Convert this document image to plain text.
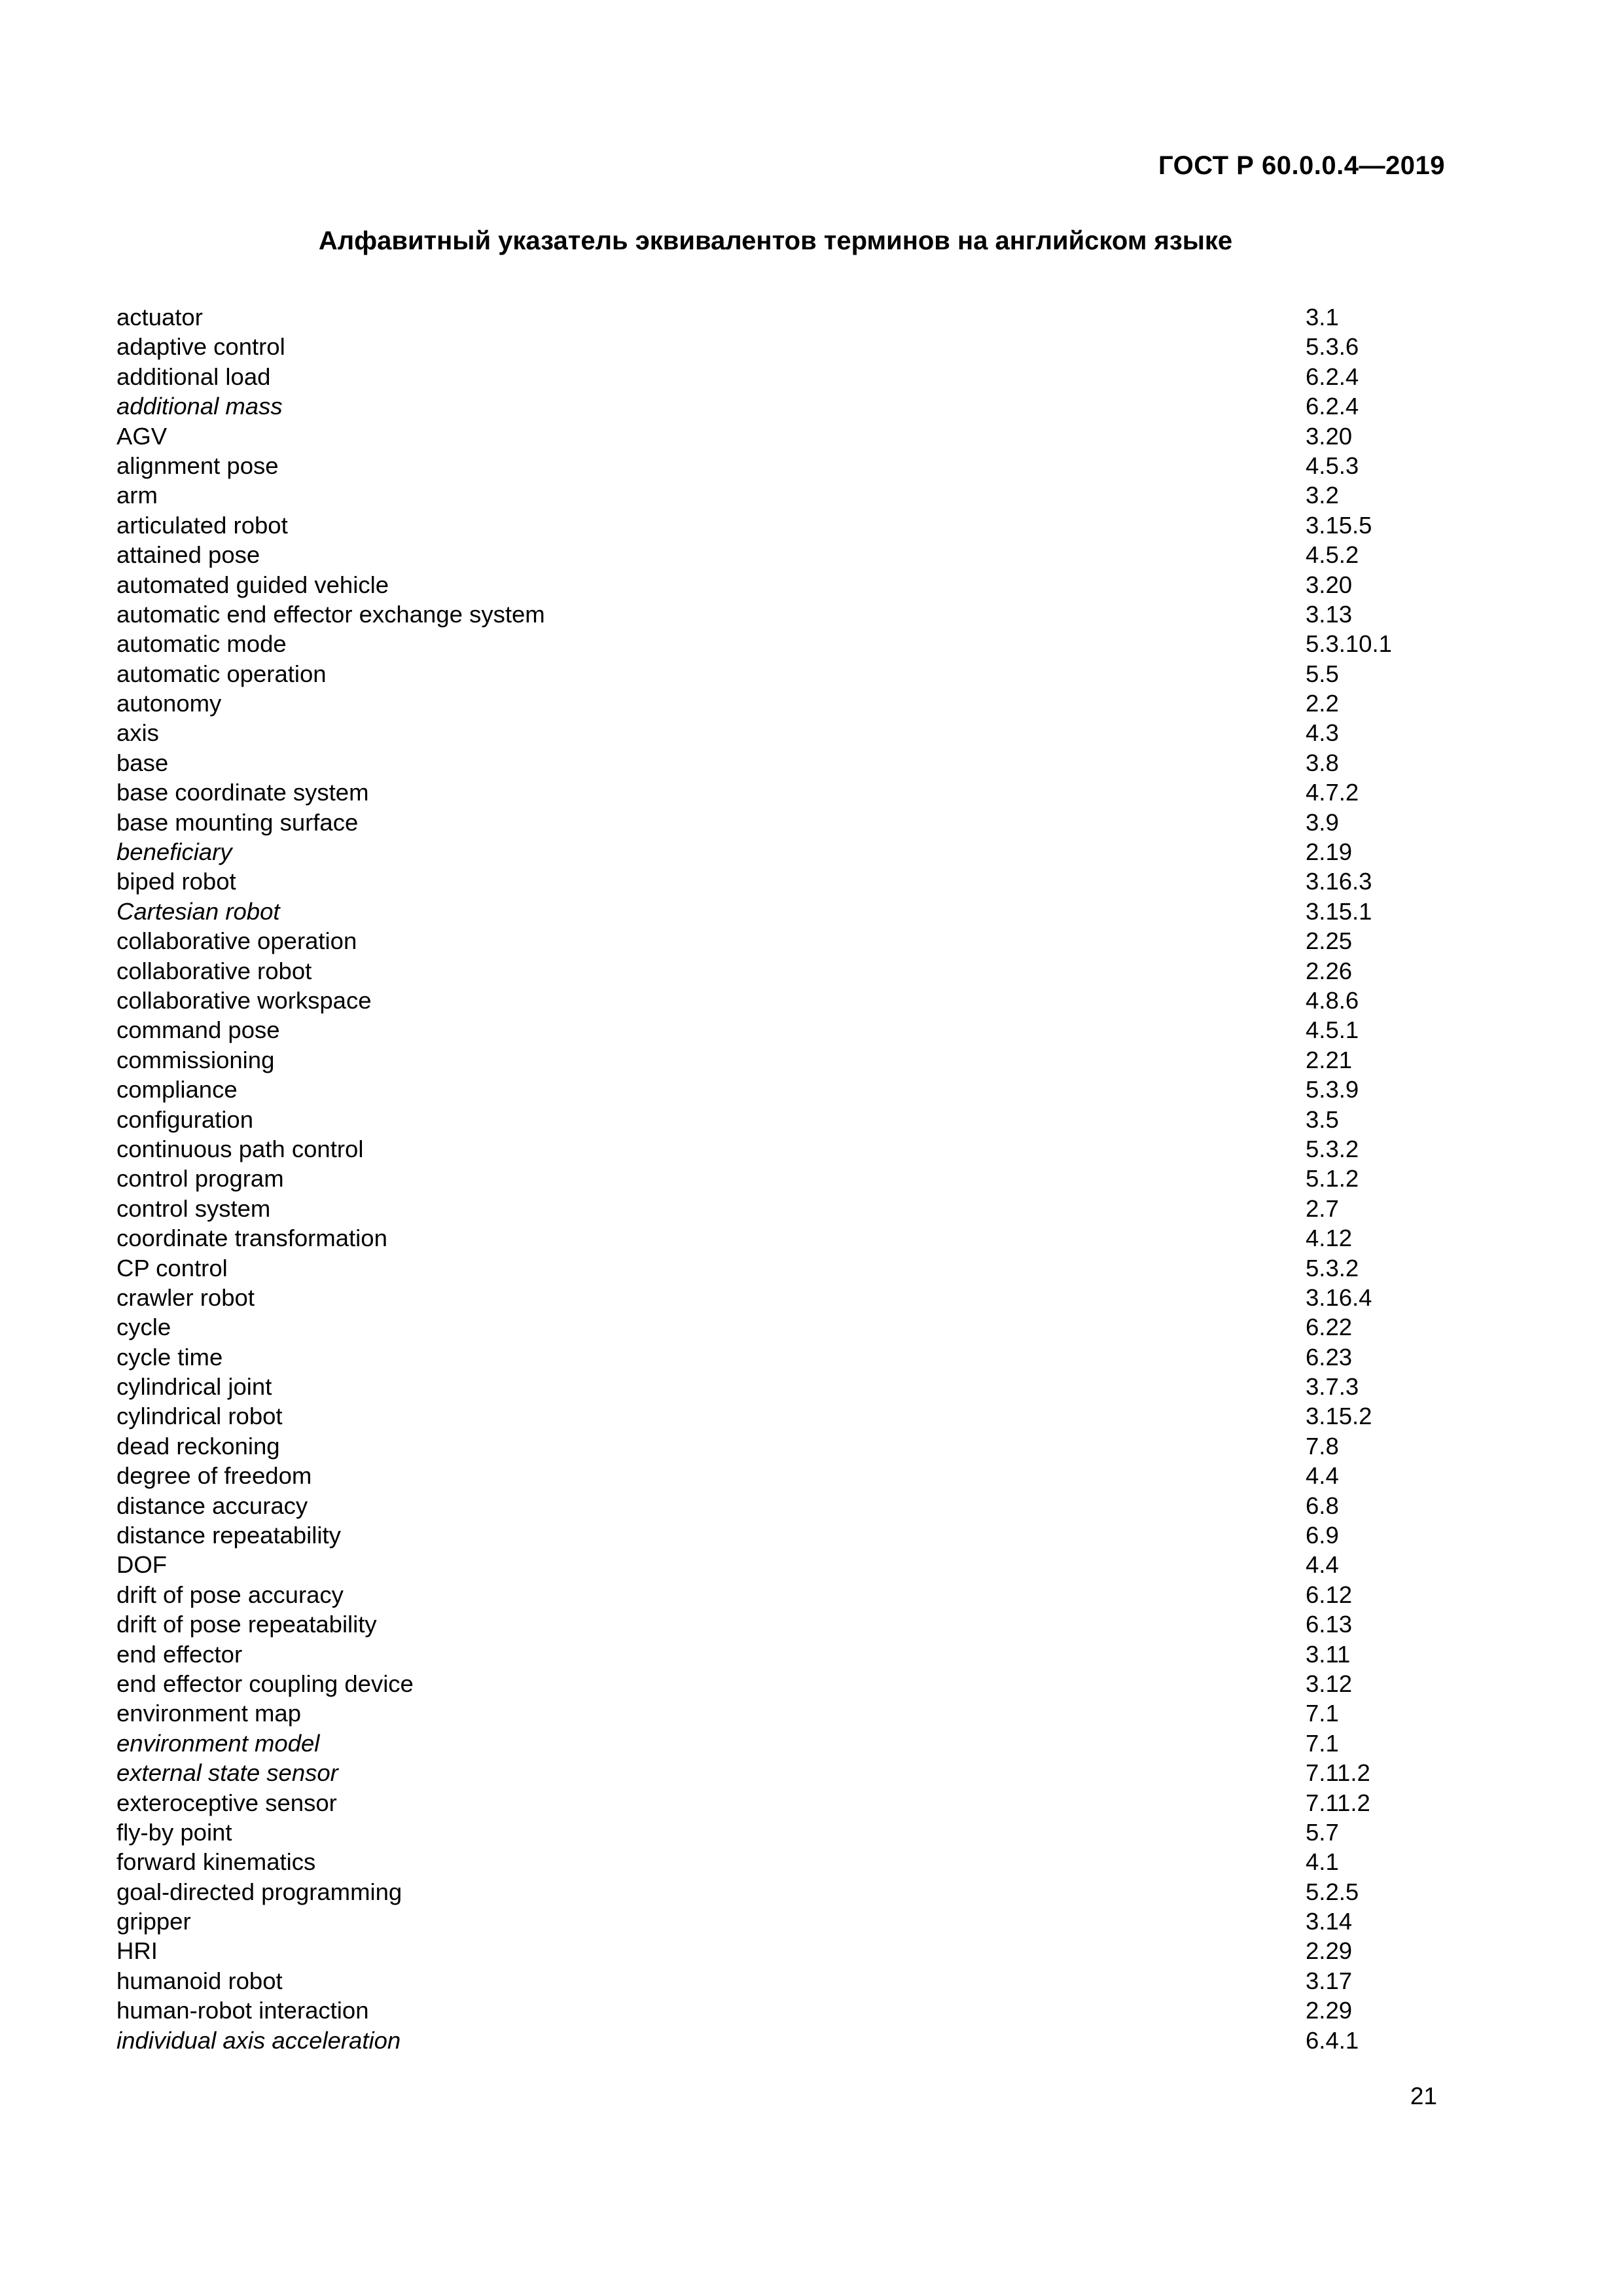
ГОСТ Р 60.0.0.4—2019
Алфавитный указатель эквивалентов терминов на английском языке
actuator	3.1
adaptive control	5.3.6
additional load	6.2.4
additional mass	6.2.4
AGV	3.20
alignment pose	4.5.3
arm	3.2
articulated robot	3.15.5
attained pose	4.5.2
automated guided vehicle	3.20
automatic end effector exchange system	3.13
automatic mode	5.3.10.1
automatic operation	5.5
autonomy	2.2
axis	4.3
base	3.8
base coordinate system	4.7.2
base mounting surface	3.9
beneficiary	2.19
biped robot	3.16.3
Cartesian robot	3.15.1
collaborative operation	2.25
collaborative robot	2.26
collaborative workspace	4.8.6
command pose	4.5.1
commissioning	2.21
compliance	5.3.9
configuration	3.5
continuous path control	5.3.2
control program	5.1.2
control system	2.7
coordinate transformation	4.12
CP control	5.3.2
crawler robot	3.16.4
cycle	6.22
cycle time	6.23
cylindrical joint	3.7.3
cylindrical robot	3.15.2
dead reckoning	7.8
degree of freedom	4.4
distance accuracy	6.8
distance repeatability	6.9
DOF	4.4
drift of pose accuracy	6.12
drift of pose repeatability	6.13
end effector	3.11
end effector coupling device	3.12
environment map	7.1
environment model	7.1
external state sensor	7.11.2
exteroceptive sensor	7.11.2
fly-by point	5.7
forward kinematics	4.1
goal-directed programming	5.2.5
gripper	3.14
HRI	2.29
humanoid robot	3.17
human-robot interaction	2.29
individual axis acceleration	6.4.1
21
